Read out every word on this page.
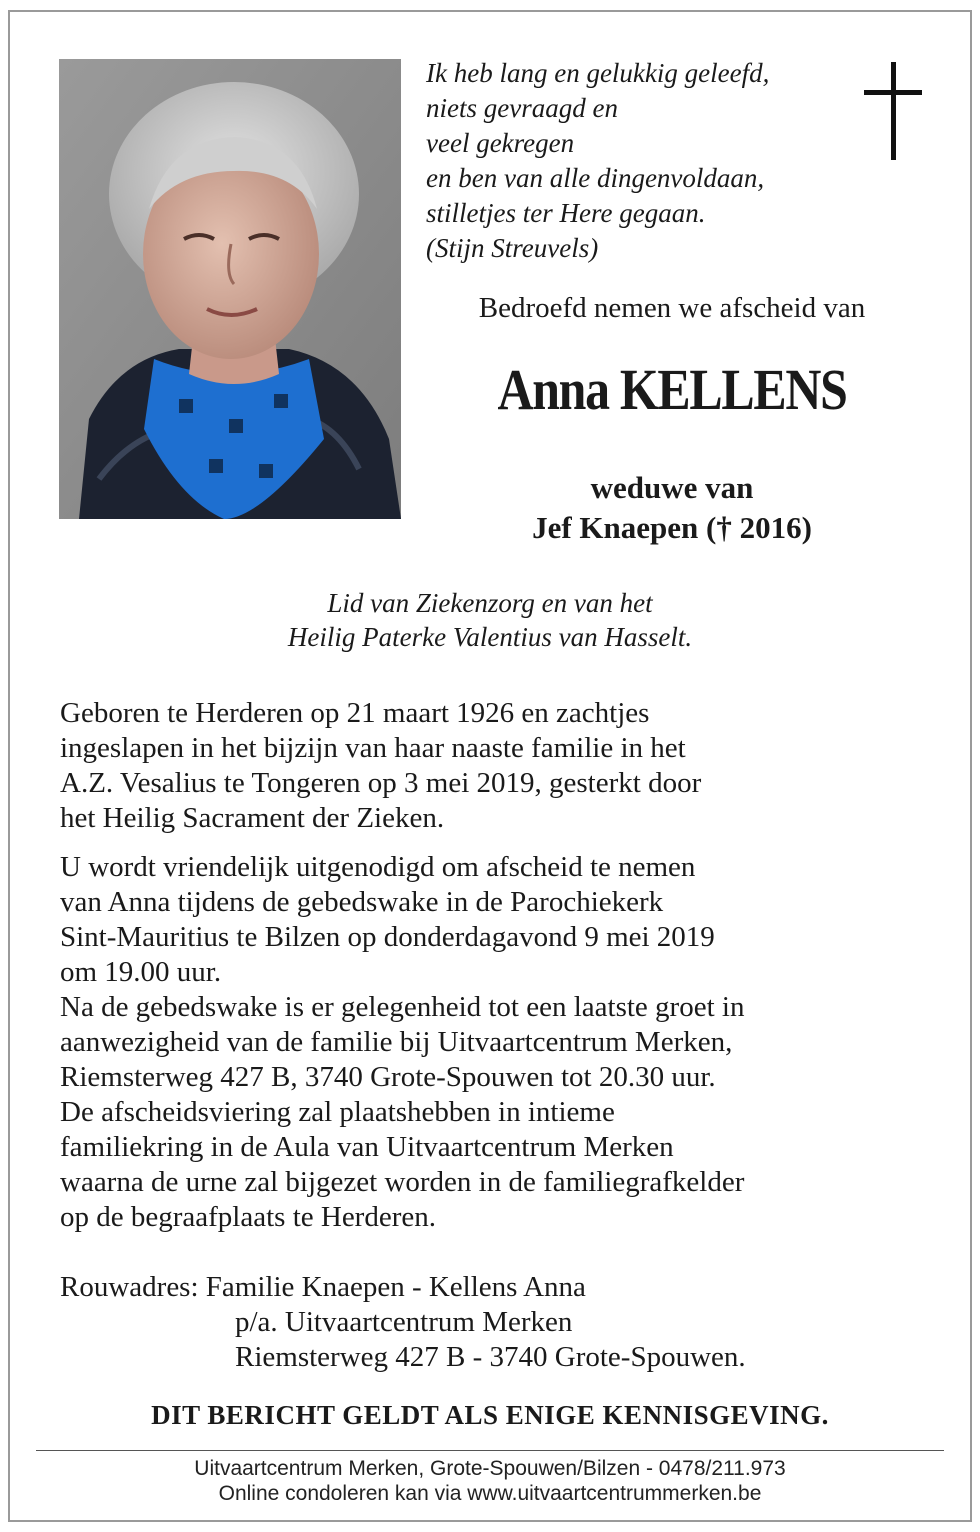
Ik heb lang en gelukkig geleefd,
niets gevraagd en
veel gekregen
en ben van alle dingenvoldaan,
stilletjes ter Here gegaan.
(Stijn Streuvels)
Bedroefd nemen we afscheid van
Anna KELLENS
weduwe van
Jef Knaepen († 2016)
Lid van Ziekenzorg en van het
Heilig Paterke Valentius van Hasselt.
Geboren te Herderen op 21 maart 1926 en zachtjes
ingeslapen in het bijzijn van haar naaste familie in het
A.Z. Vesalius te Tongeren op 3 mei 2019, gesterkt door
het Heilig Sacrament der Zieken.
U wordt vriendelijk uitgenodigd om afscheid te nemen
van Anna tijdens de gebedswake in de Parochiekerk
Sint-Mauritius te Bilzen op donderdagavond 9 mei 2019
om 19.00 uur.
Na de gebedswake is er gelegenheid tot een laatste groet in
aanwezigheid van de familie bij Uitvaartcentrum Merken,
Riemsterweg 427 B, 3740 Grote-Spouwen tot 20.30 uur.
De afscheidsviering zal plaatshebben in intieme
familiekring in de Aula van Uitvaartcentrum Merken
waarna de urne zal bijgezet worden in de familiegrafkelder
op de begraafplaats te Herderen.
Rouwadres: Familie Knaepen - Kellens Anna
p/a. Uitvaartcentrum Merken
Riemsterweg 427 B - 3740 Grote-Spouwen.
DIT BERICHT GELDT ALS ENIGE KENNISGEVING.
Uitvaartcentrum Merken, Grote-Spouwen/Bilzen - 0478/211.973
Online condoleren kan via www.uitvaartcentrummerken.be
